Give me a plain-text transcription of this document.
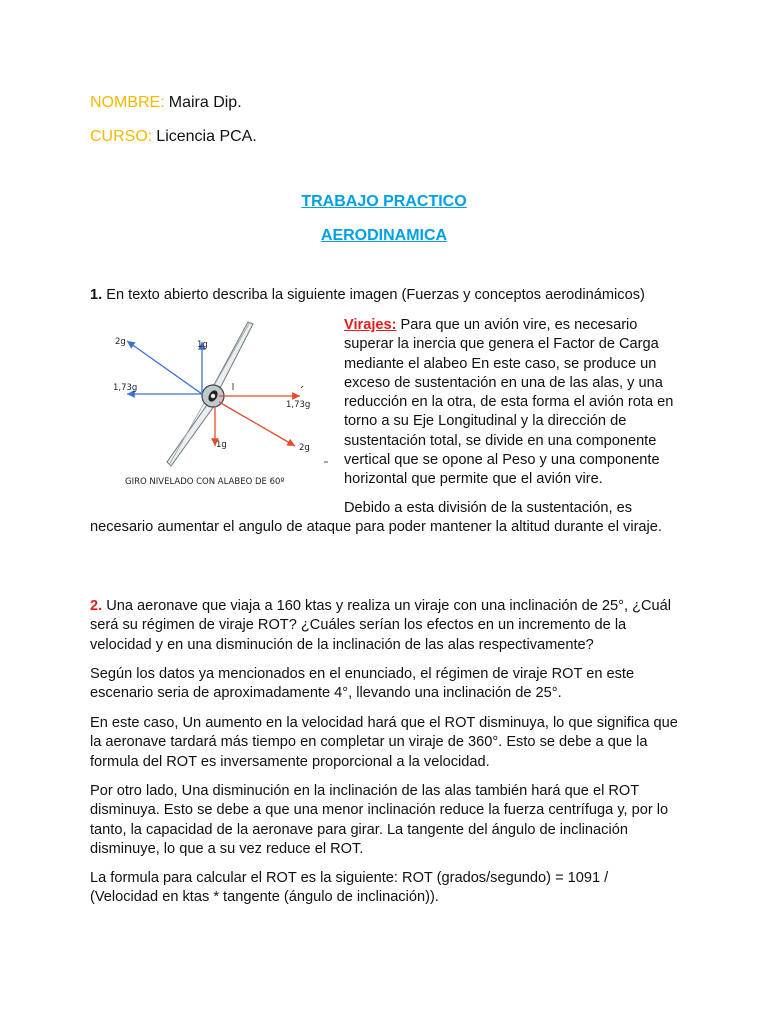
NOMBRE: Maira Dip.
CURSO: Licencia PCA.
TRABAJO PRACTICO
AERODINAMICA
1. En texto abierto describa la siguiente imagen (Fuerzas y conceptos aerodinámicos)
2g	1g
1,73g
1,73g
1g	2g
GIRO NIVELADO CON ALABEO DE 60º

Virajes: Para que un avión vire, es necesario superar la inercia que genera el Factor de Carga mediante el alabeo En este caso, se produce un exceso de sustentación en una de las alas, y una reducción en la otra, de esta forma el avión rota en torno a su Eje Longitudinal y la dirección de sustentación total, se divide en una componente vertical que se opone al Peso y una componente horizontal que permite que el avión vire.

Debido a esta división de la sustentación, es necesario aumentar el angulo de ataque para poder mantener la altitud durante el viraje.

2. Una aeronave que viaja a 160 ktas y realiza un viraje con una inclinación de 25°, ¿Cuál será su régimen de viraje ROT? ¿Cuáles serían los efectos en un incremento de la velocidad y en una disminución de la inclinación de las alas respectivamente?

Según los datos ya mencionados en el enunciado, el régimen de viraje ROT en este escenario seria de aproximadamente 4°, llevando una inclinación de 25°.

En este caso, Un aumento en la velocidad hará que el ROT disminuya, lo que significa que la aeronave tardará más tiempo en completar un viraje de 360°. Esto se debe a que la formula del ROT es inversamente proporcional a la velocidad.

Por otro lado, Una disminución en la inclinación de las alas también hará que el ROT disminuya. Esto se debe a que una menor inclinación reduce la fuerza centrífuga y, por lo tanto, la capacidad de la aeronave para girar. La tangente del ángulo de inclinación disminuye, lo que a su vez reduce el ROT.

La formula para calcular el ROT es la siguiente: ROT (grados/segundo) = 1091 / (Velocidad en ktas * tangente (ángulo de inclinación)).
